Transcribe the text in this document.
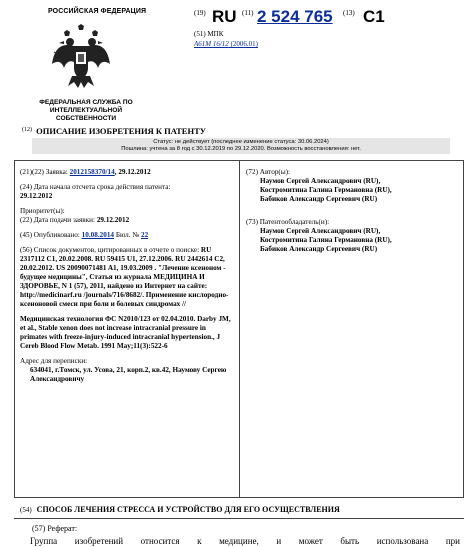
РОССИЙСКАЯ ФЕДЕРАЦИЯ
ФЕДЕРАЛЬНАЯ СЛУЖБА ПО ИНТЕЛЛЕКТУАЛЬНОЙ СОБСТВЕННОСТИ
(19) RU (11) 2 524 765 (13) C1
(51) МПК
A61M 16/12 (2006.01)
$^{(12)}$ ОПИСАНИЕ ИЗОБРЕТЕНИЯ К ПАТЕНТУ
Статус: не действует (последнее изменение статуса: 30.06.2024)
Пошлина: учтена за 8 год с 30.12.2019 по 29.12.2020. Возможность восстановления: нет.
(21)(22) Заявка: 2012158370/14, 29.12.2012
(24) Дата начала отсчета срока действия патента:
29.12.2012
Приоритет(ы):
(22) Дата подачи заявки: 29.12.2012
(45) Опубликовано: 10.08.2014 Бюл. № 22
(56) Список документов, цитированных в отчете о поиске: RU 2317112 C1, 20.02.2008. RU 59415 U1, 27.12.2006. RU 2442614 C2, 20.02.2012. US 20090071481 A1, 19.03.2009 . "Лечение ксеноном - будущее медицины", Статья из журнала МЕДИЦИНА И ЗДОРОВЬЕ, N 1 (57), 2011, найдено из Интернет на сайте: http://medicinarf.ru /journals/716/8682/. Применение кислородно-ксеноновой смеси при боли и болевых синдромах //
Медицинская технология ФС N2010/123 от 02.04.2010. Darby JM, et al., Stable xenon does not increase intracranial pressure in primates with freeze-injury-induced intracranial hypertension., J Cereb Blood Flow Metab. 1991 May;11(3):522-6
Адрес для переписки:
634041, г.Томск, ул. Усова, 21, корп.2, кв.42, Наумову Сергею Александровичу
(72) Автор(ы):
Наумов Сергей Александрович (RU),
Костромитина Галина Германовна (RU),
Бабиков Александр Сергеевич (RU)
(73) Патентообладатель(и):
Наумов Сергей Александрович (RU),
Костромитина Галина Германовна (RU),
Бабиков Александр Сергеевич (RU)
(54) СПОСОБ ЛЕЧЕНИЯ СТРЕССА И УСТРОЙСТВО ДЛЯ ЕГО ОСУЩЕСТВЛЕНИЯ
(57) Реферат:
Группа изобретений относится к медицине, и может быть использована при
